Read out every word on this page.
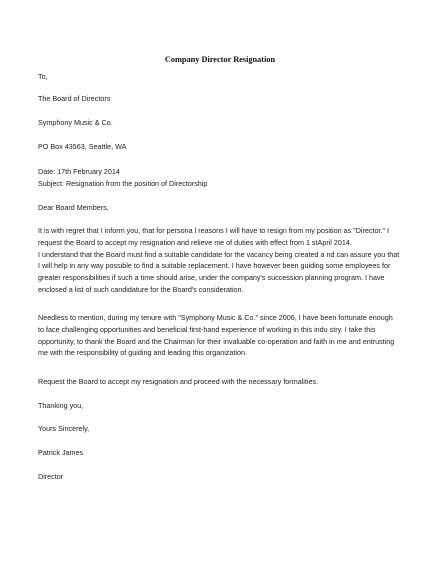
Company Director Resignation
To,
The Board of Directors
Symphony Music & Co.
PO Box 43563, Seattle, WA
Date: 17th February 2014
Subject: Resignation from the position of Directorship
Dear Board Members,
It is with regret that I inform you, that for persona l reasons I will have to resign from my position as "Director." I
request the Board to accept my resignation and relieve me of duties with effect from 1 stApril 2014.
I understand that the Board must find a suitable candidate for the vacancy being created a nd can assure you that
I will help in any way possible to find a suitable replacement. I have however been guiding some employees for
greater responsibilities if such a time should arise, under the company's succession planning program. I have
enclosed a list of such candidature for the Board's consideration.
Needless to mention, during my tenure with "Symphony Music & Co." since 2006, I have been fortunate enough
to face challenging opportunities and beneficial first-hand experience of working in this indu stry. I take this
opportunity, to thank the Board and the Chairman for their invaluable co-operation and faith in me and entrusting
me with the responsibility of guiding and leading this organization.
Request the Board to accept my resignation and proceed with the necessary formalities.
Thanking you,
Yours Sincerely,
Patrick James
Director
